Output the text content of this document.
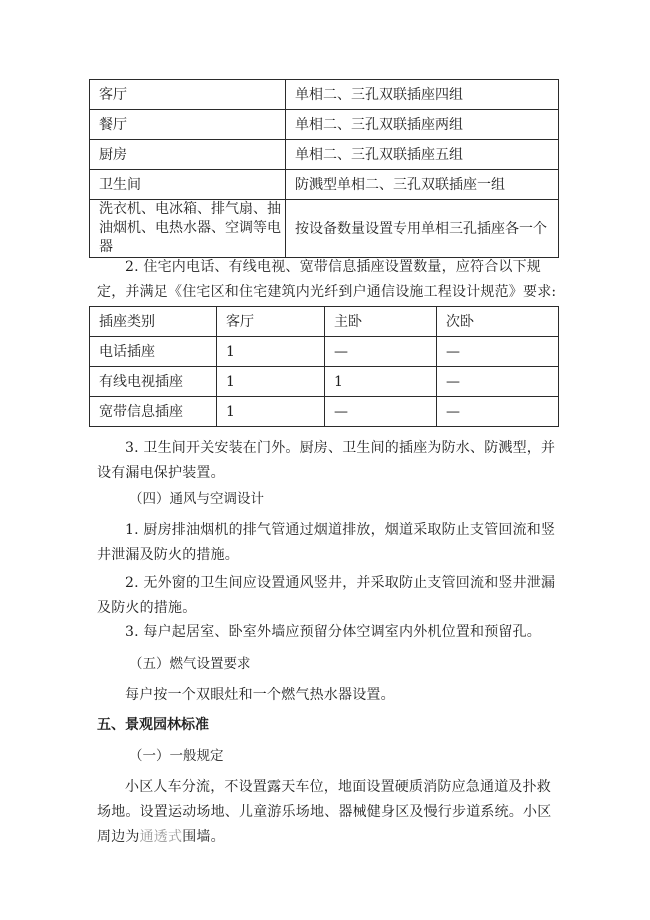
客厅	单相二、三孔双联插座四组
餐厅	单相二、三孔双联插座两组
厨房	单相二、三孔双联插座五组
卫生间	防溅型单相二、三孔双联插座一组
洗衣机、电冰箱、排气扇、抽油烟机、电热水器、空调等电器	按设备数量设置专用单相三孔插座各一个

2. 住宅内电话、有线电视、宽带信息插座设置数量，应符合以下规定，并满足《住宅区和住宅建筑内光纤到户通信设施工程设计规范》要求:

插座类别	客厅	主卧	次卧
电话插座	1	—	—
有线电视插座	1	1	—
宽带信息插座	1	—	—

3. 卫生间开关安装在门外。厨房、卫生间的插座为防水、防溅型，并设有漏电保护装置。

（四）通风与空调设计

1. 厨房排油烟机的排气管通过烟道排放，烟道采取防止支管回流和竖井泄漏及防火的措施。

2. 无外窗的卫生间应设置通风竖井，并采取防止支管回流和竖井泄漏及防火的措施。

3. 每户起居室、卧室外墙应预留分体空调室内外机位置和预留孔。

（五）燃气设置要求

每户按一个双眼灶和一个燃气热水器设置。

五、景观园林标准

（一）一般规定

小区人车分流，不设置露天车位，地面设置硬质消防应急通道及扑救场地。设置运动场地、儿童游乐场地、器械健身区及慢行步道系统。小区周边为通透式围墙。
